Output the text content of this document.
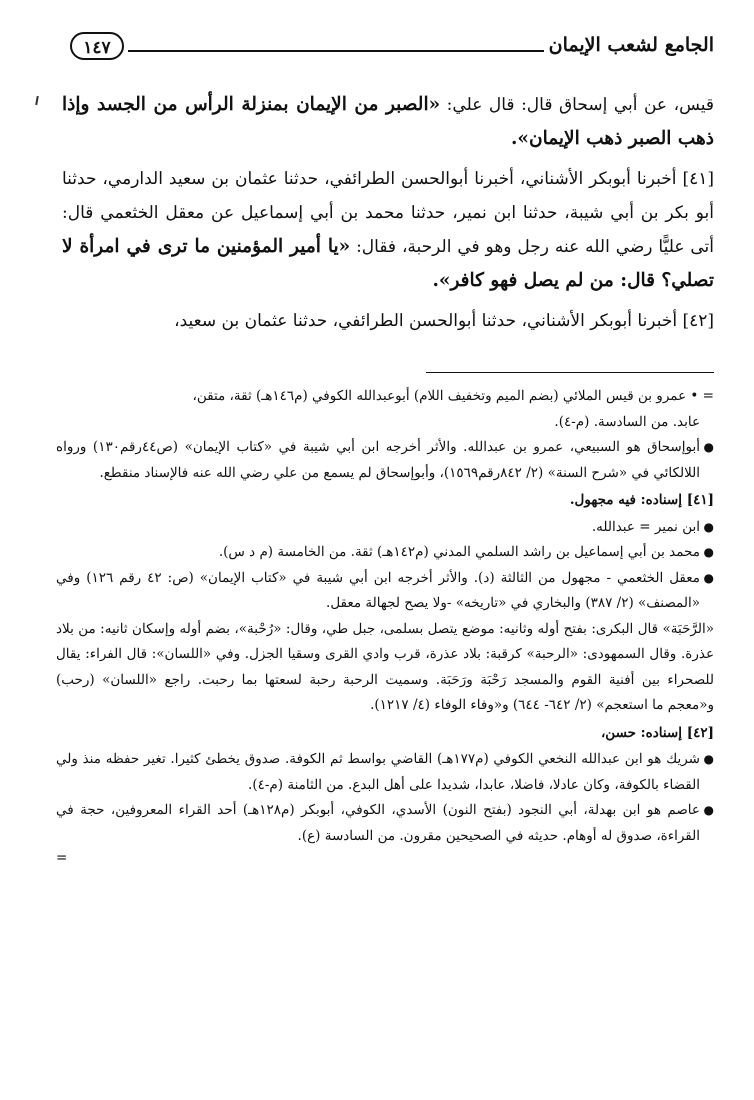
الجامع لشعب الإيمان
١٤٧

قيس، عن أبي إسحاق قال: قال علي: «الصبر من الإيمان بمنزلة الرأس من الجسد وإذا ذهب الصبر ذهب الإيمان».

[٤١] أخبرنا أبوبكر الأشناني، أخبرنا أبوالحسن الطرائفي، حدثنا عثمان بن سعيد الدارمي، حدثنا أبو بكر بن أبي شيبة، حدثنا ابن نمير، حدثنا محمد بن أبي إسماعيل عن معقل الخثعمي قال: أتى عليًّا رضي الله عنه رجل وهو في الرحبة، فقال: «يا أمير المؤمنين ما ترى في امرأة لا تصلي؟ قال: من لم يصل فهو كافر».

[٤٢] أخبرنا أبوبكر الأشناني، حدثنا أبوالحسن الطرائفي، حدثنا عثمان بن سعيد،

= • عمرو بن قيس الملائي (بضم الميم وتخفيف اللام) أبوعبدالله الكوفي (م١٤٦هـ) ثقة، متقن،

عابد. من السادسة. (م-٤).

●
أبوإسحاق هو السبيعي، عمرو بن عبدالله. والأثر أخرجه ابن أبي شيبة في «كتاب الإيمان» (ص٤٤رقم١٣٠) ورواه اللالكائي في «شرح السنة» (٢/ ٨٤٢رقم١٥٦٩)، وأبوإسحاق لم يسمع من علي رضي الله عنه فالإسناد منقطع.

[٤١] إسناده: فيه مجهول.

●
ابن نمير = عبدالله.

●
محمد بن أبي إسماعيل بن راشد السلمي المدني (م١٤٢هـ) ثقة. من الخامسة (م د س).

●
معقل الخثعمي - مجهول من الثالثة (د). والأثر أخرجه ابن أبي شيبة في «كتاب الإيمان» (ص: ٤٢ رقم ١٢٦) وفي «المصنف» (٢/ ٣٨٧) والبخاري في «تاريخه» -ولا يصح لجهالة معقل.

«الرَّحَبَة» قال البكرى: بفتح أوله وثانيه: موضع يتصل بسلمى، جبل طي، وقال: «رُحْبة»، بضم أوله وإسكان ثانيه: من بلاد عذرة. وقال السمهودى: «الرحبة» كرقبة: بلاد عذرة، قرب وادي القرى وسقيا الجزل. وفي «اللسان»: قال الفراء: يقال للصحراء بين أفنية القوم والمسجد رَحْبَة ورَحَبَة. وسميت الرحبة رحبة لسعتها بما رحبت. راجع «اللسان» (رحب) و«معجم ما استعجم» (٢/ ٦٤٢- ٦٤٤) و«وفاء الوفاء (٤/ ١٢١٧).

[٤٢] إسناده: حسن،

●
شريك هو ابن عبدالله النخعي الكوفي (م١٧٧هـ) القاضي بواسط ثم الكوفة. صدوق يخطئ كثيرا. تغير حفظه منذ ولي القضاء بالكوفة، وكان عادلا، فاضلا، عابدا، شديدا على أهل البدع. من الثامنة (م-٤).

●
عاصم هو ابن بهدلة، أبي النجود (بفتح النون) الأسدي، الكوفي، أبوبكر (م١٢٨هـ) أحد القراء المعروفين، حجة في القراءة، صدوق له أوهام. حديثه في الصحيحين مقرون. من السادسة (ع).

=
